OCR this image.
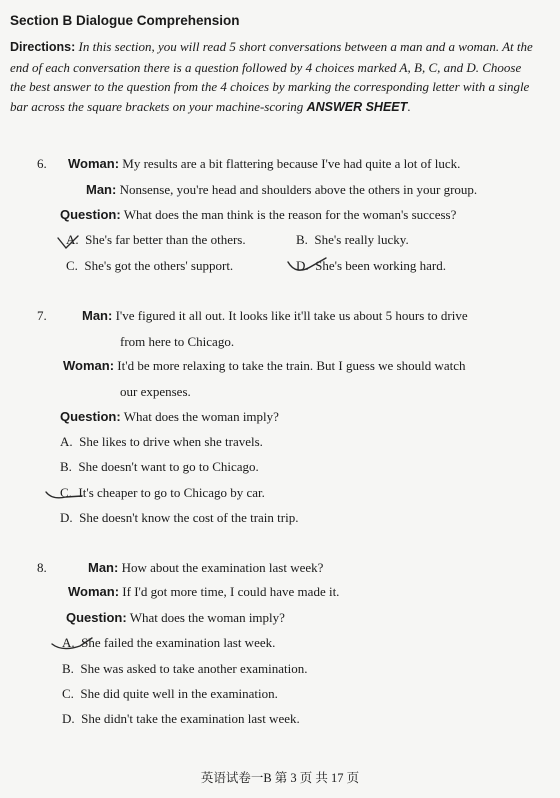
Section B Dialogue Comprehension
Directions: In this section, you will read 5 short conversations between a man and a woman. At the end of each conversation there is a question followed by 4 choices marked A, B, C, and D. Choose the best answer to the question from the 4 choices by marking the corresponding letter with a single bar across the square brackets on your machine-scoring ANSWER SHEET.
6. Woman: My results are a bit flattering because I've had quite a lot of luck.
Man: Nonsense, you're head and shoulders above the others in your group.
Question: What does the man think is the reason for the woman's success?
A. She's far better than the others.	B. She's really lucky.
C. She's got the others' support.	D. She's been working hard.
7.	Man: I've figured it all out. It looks like it'll take us about 5 hours to drive
from here to Chicago.
Woman: It'd be more relaxing to take the train. But I guess we should watch
our expenses.
Question: What does the woman imply?
A. She likes to drive when she travels.
B. She doesn't want to go to Chicago.
C. It's cheaper to go to Chicago by car.
D. She doesn't know the cost of the train trip.
8.	Man: How about the examination last week?
Woman: If I'd got more time, I could have made it.
Question: What does the woman imply?
A. She failed the examination last week.
B. She was asked to take another examination.
C. She did quite well in the examination.
D. She didn't take the examination last week.
英语试卷一B 第 3 页 共 17 页
